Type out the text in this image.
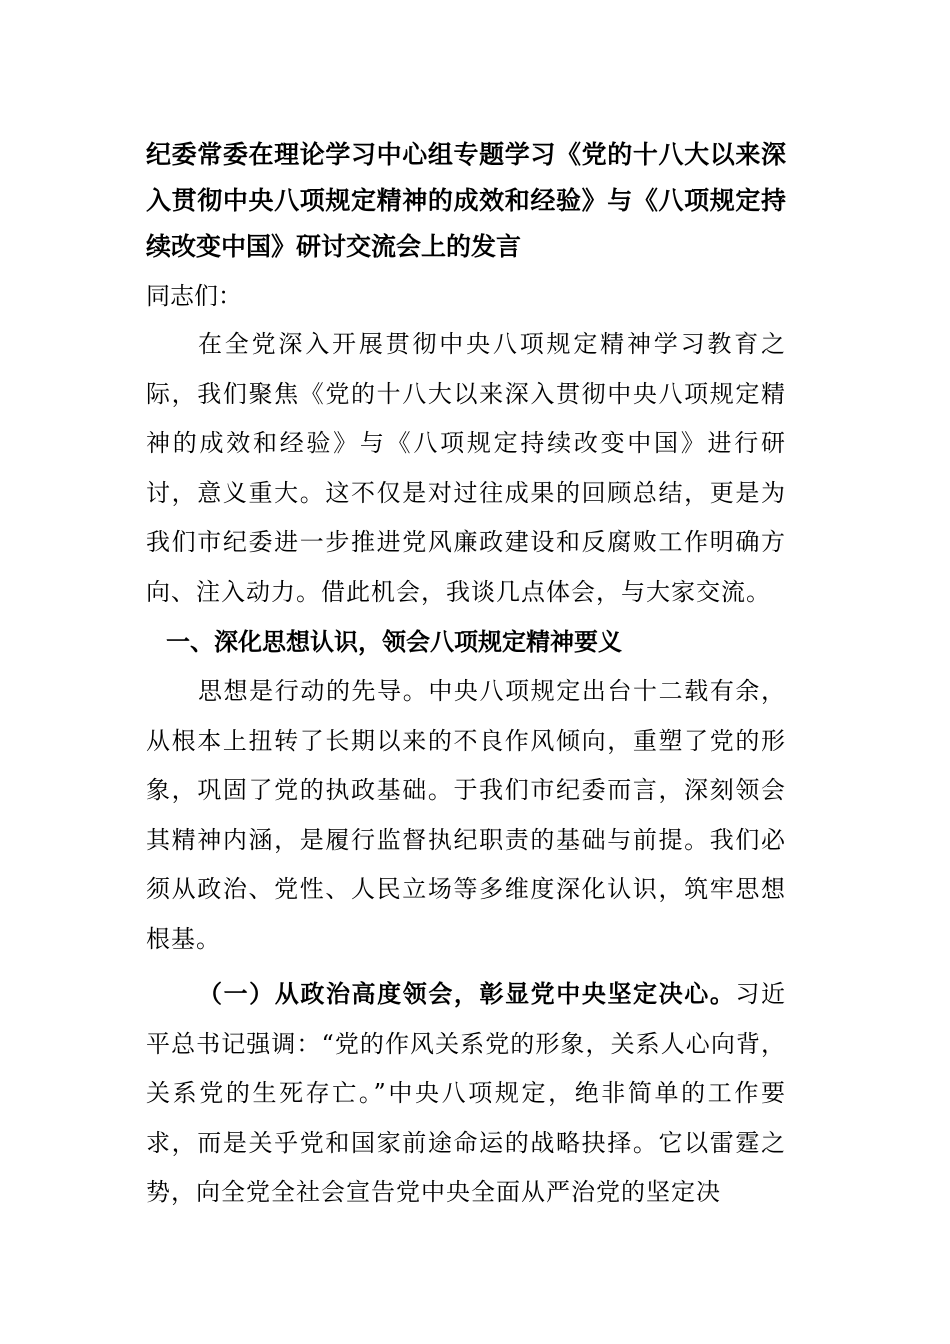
纪委常委在理论学习中心组专题学习《党的十八大以来深入贯彻中央八项规定精神的成效和经验》与《八项规定持续改变中国》研讨交流会上的发言

同志们：

在全党深入开展贯彻中央八项规定精神学习教育之际，我们聚焦《党的十八大以来深入贯彻中央八项规定精神的成效和经验》与《八项规定持续改变中国》进行研讨，意义重大。这不仅是对过往成果的回顾总结，更是为我们市纪委进一步推进党风廉政建设和反腐败工作明确方向、注入动力。借此机会，我谈几点体会，与大家交流。

一、深化思想认识，领会八项规定精神要义

思想是行动的先导。中央八项规定出台十二载有余，从根本上扭转了长期以来的不良作风倾向，重塑了党的形象，巩固了党的执政基础。于我们市纪委而言，深刻领会其精神内涵，是履行监督执纪职责的基础与前提。我们必须从政治、党性、人民立场等多维度深化认识，筑牢思想根基。

（一）从政治高度领会，彰显党中央坚定决心。习近平总书记强调：“党的作风关系党的形象，关系人心向背，关系党的生死存亡。”中央八项规定，绝非简单的工作要求，而是关乎党和国家前途命运的战略抉择。它以雷霆之势，向全党全社会宣告党中央全面从严治党的坚定决
